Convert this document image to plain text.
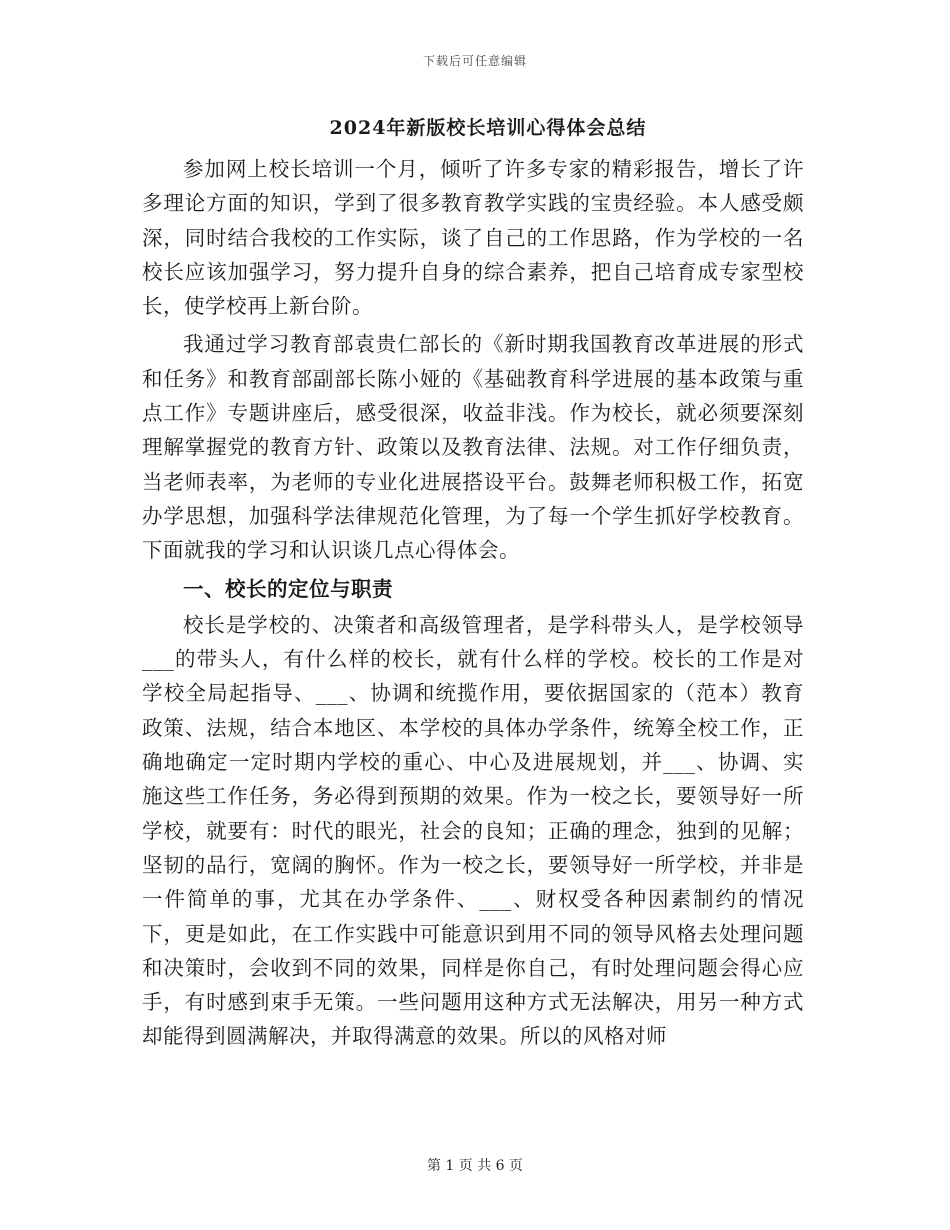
下载后可任意编辑
2024年新版校长培训心得体会总结

参加网上校长培训一个月，倾听了许多专家的精彩报告，增长了许多理论方面的知识，学到了很多教育教学实践的宝贵经验。本人感受颇深，同时结合我校的工作实际，谈了自己的工作思路，作为学校的一名校长应该加强学习，努力提升自身的综合素养，把自己培育成专家型校长，使学校再上新台阶。

我通过学习教育部袁贵仁部长的《新时期我国教育改革进展的形式和任务》和教育部副部长陈小娅的《基础教育科学进展的基本政策与重点工作》专题讲座后，感受很深，收益非浅。作为校长，就必须要深刻理解掌握党的教育方针、政策以及教育法律、法规。对工作仔细负责，当老师表率，为老师的专业化进展搭设平台。鼓舞老师积极工作，拓宽办学思想，加强科学法律规范化管理，为了每一个学生抓好学校教育。下面就我的学习和认识谈几点心得体会。

一、校长的定位与职责

校长是学校的、决策者和高级管理者，是学科带头人，是学校领导___的带头人，有什么样的校长，就有什么样的学校。校长的工作是对学校全局起指导、___、协调和统揽作用，要依据国家的（范本）教育政策、法规，结合本地区、本学校的具体办学条件，统筹全校工作，正确地确定一定时期内学校的重心、中心及进展规划，并___、协调、实施这些工作任务，务必得到预期的效果。作为一校之长，要领导好一所学校，就要有：时代的眼光，社会的良知；正确的理念，独到的见解；坚韧的品行，宽阔的胸怀。作为一校之长，要领导好一所学校，并非是一件简单的事，尤其在办学条件、___、财权受各种因素制约的情况下，更是如此，在工作实践中可能意识到用不同的领导风格去处理问题和决策时，会收到不同的效果，同样是你自己，有时处理问题会得心应手，有时感到束手无策。一些问题用这种方式无法解决，用另一种方式却能得到圆满解决，并取得满意的效果。所以的风格对师

第 1 页 共 6 页
